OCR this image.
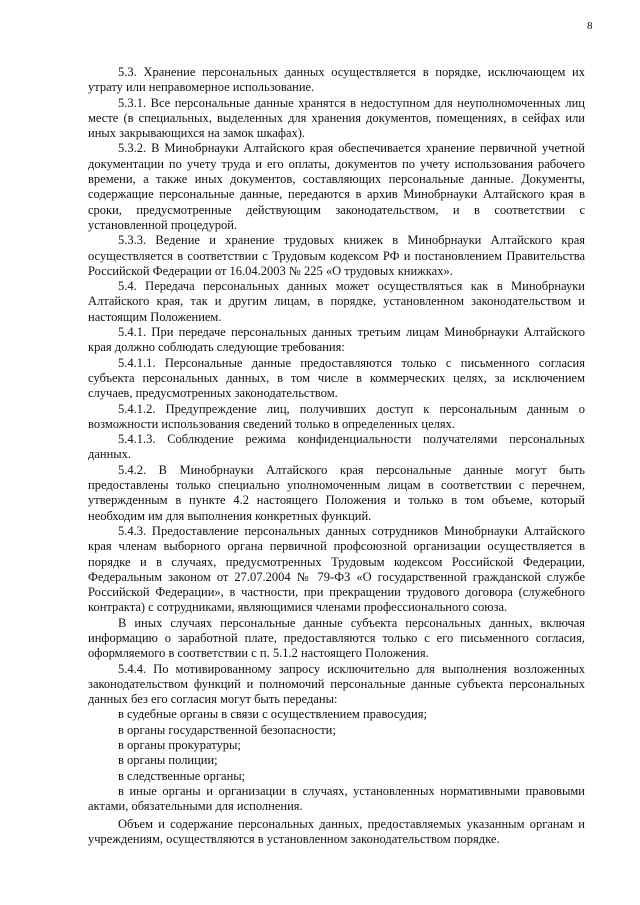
8

5.3. Хранение персональных данных осуществляется в порядке, исключающем их утрату или неправомерное использование.

5.3.1. Все персональные данные хранятся в недоступном для неуполномоченных лиц месте (в специальных, выделенных для хранения документов, помещениях, в сейфах или иных закрывающихся на замок шкафах).

5.3.2. В Минобрнауки Алтайского края обеспечивается хранение первичной учетной документации по учету труда и его оплаты, документов по учету использования рабочего времени, а также иных документов, составляющих персональные данные. Документы, содержащие персональные данные, передаются в архив Минобрнауки Алтайского края в сроки, предусмотренные действующим законодательством, и в соответствии с установленной процедурой.

5.3.3. Ведение и хранение трудовых книжек в Минобрнауки Алтайского края осуществляется в соответствии с Трудовым кодексом РФ и постановлением Правительства Российской Федерации от 16.04.2003 № 225 «О трудовых книжках».

5.4. Передача персональных данных может осуществляться как в Минобрнауки Алтайского края, так и другим лицам, в порядке, установленном законодательством и настоящим Положением.

5.4.1. При передаче персональных данных третьим лицам Минобрнауки Алтайского края должно соблюдать следующие требования:

5.4.1.1. Персональные данные предоставляются только с письменного согласия субъекта персональных данных, в том числе в коммерческих целях, за исключением случаев, предусмотренных законодательством.

5.4.1.2. Предупреждение лиц, получивших доступ к персональным данным о возможности использования сведений только в определенных целях.

5.4.1.3. Соблюдение режима конфиденциальности получателями персональных данных.

5.4.2. В Минобрнауки Алтайского края персональные данные могут быть предоставлены только специально уполномоченным лицам в соответствии с перечнем, утвержденным в пункте 4.2 настоящего Положения и только в том объеме, который необходим им для выполнения конкретных функций.

5.4.3. Предоставление персональных данных сотрудников Минобрнауки Алтайского края членам выборного органа первичной профсоюзной организации осуществляется в порядке и в случаях, предусмотренных Трудовым кодексом Российской Федерации, Федеральным законом от 27.07.2004 № 79-ФЗ «О государственной гражданской службе Российской Федерации», в частности, при прекращении трудового договора (служебного контракта) с сотрудниками, являющимися членами профессионального союза.

В иных случаях персональные данные субъекта персональных данных, включая информацию о заработной плате, предоставляются только с его письменного согласия, оформляемого в соответствии с п. 5.1.2 настоящего Положения.

5.4.4. По мотивированному запросу исключительно для выполнения возложенных законодательством функций и полномочий персональные данные субъекта персональных данных без его согласия могут быть переданы:

в судебные органы в связи с осуществлением правосудия;

в органы государственной безопасности;

в органы прокуратуры;

в органы полиции;

в следственные органы;

в иные органы и организации в случаях, установленных нормативными правовыми актами, обязательными для исполнения.

Объем и содержание персональных данных, предоставляемых указанным органам и учреждениям, осуществляются в установленном законодательством порядке.
